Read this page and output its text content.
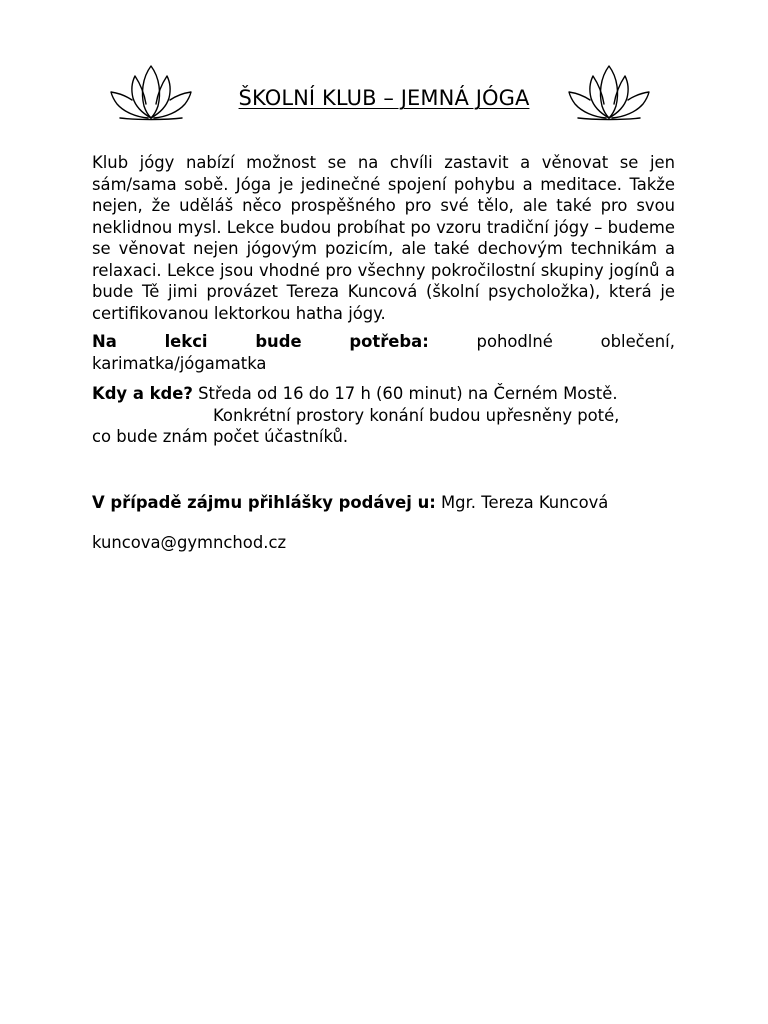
ŠKOLNÍ KLUB – JEMNÁ JÓGA

Klub jógy nabízí možnost se na chvíli zastavit a věnovat se jen sám/sama sobě. Jóga je jedinečné spojení pohybu a meditace. Takže nejen, že uděláš něco prospěšného pro své tělo, ale také pro svou neklidnou mysl. Lekce budou probíhat po vzoru tradiční jógy – budeme se věnovat nejen jógovým pozicím, ale také dechovým technikám a relaxaci. Lekce jsou vhodné pro všechny pokročilostní skupiny jogínů a bude Tě jimi provázet Tereza Kuncová (školní psycholožka), která je certifikovanou lektorkou hatha jógy.

Na	lekci	bude	potřeba:	pohodlné	oblečení,
karimatka/jógamatka
Kdy a kde? Středa od 16 do 17 h (60 minut) na Černém Mostě.
Konkrétní prostory konání budou upřesněny poté,
co bude znám počet účastníků.
V případě zájmu přihlášky podávej u: Mgr. Tereza Kuncová
kuncova@gymnchod.cz
